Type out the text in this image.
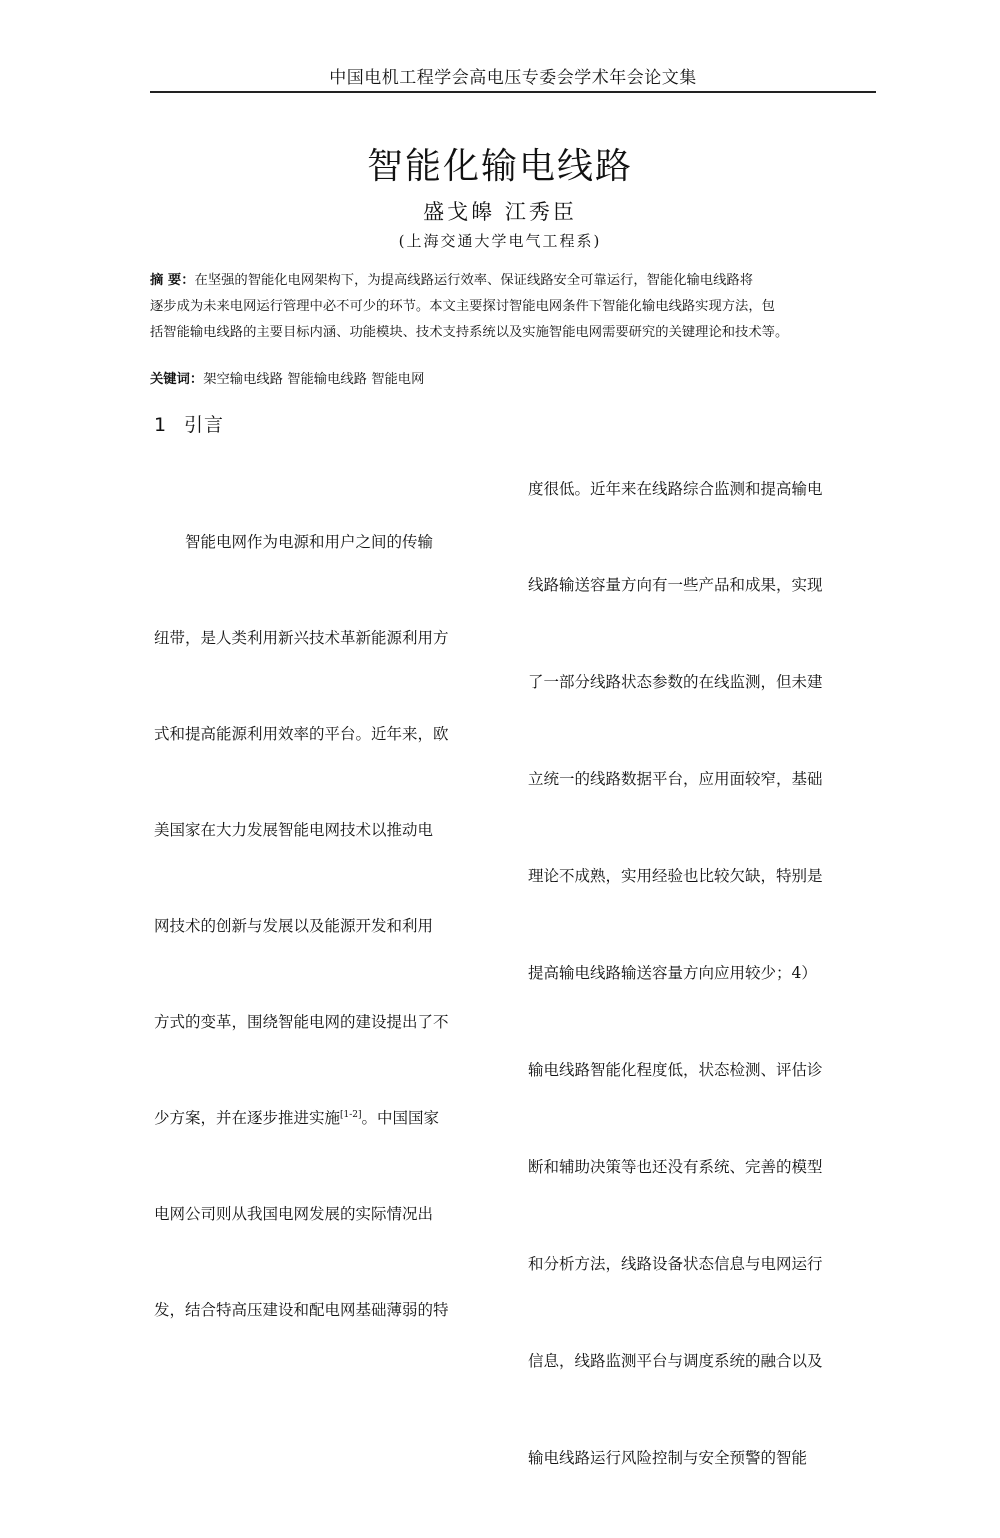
中国电机工程学会高电压专委会学术年会论文集
智能化输电线路
盛戈皞 江秀臣
(上海交通大学电气工程系)
摘 要：在坚强的智能化电网架构下，为提高线路运行效率、保证线路安全可靠运行，智能化输电线路将
逐步成为未来电网运行管理中必不可少的环节。本文主要探讨智能电网条件下智能化输电线路实现方法，包
括智能输电线路的主要目标内涵、功能模块、技术支持系统以及实施智能电网需要研究的关键理论和技术等。
关键词：架空输电线路 智能输电线路 智能电网
1 引言

　　智能电网作为电源和用户之间的传输

纽带，是人类利用新兴技术革新能源利用方

式和提高能源利用效率的平台。近年来，欧

美国家在大力发展智能电网技术以推动电

网技术的创新与发展以及能源开发和利用

方式的变革，围绕智能电网的建设提出了不

少方案，并在逐步推进实施[1-2]。中国国家

电网公司则从我国电网发展的实际情况出

发，结合特高压建设和配电网基础薄弱的特

度很低。近年来在线路综合监测和提高输电

线路输送容量方向有一些产品和成果，实现

了一部分线路状态参数的在线监测，但未建

立统一的线路数据平台，应用面较窄，基础

理论不成熟，实用经验也比较欠缺，特别是

提高输电线路输送容量方向应用较少；4）

输电线路智能化程度低，状态检测、评估诊

断和辅助决策等也还没有系统、完善的模型

和分析方法，线路设备状态信息与电网运行

信息，线路监测平台与调度系统的融合以及

输电线路运行风险控制与安全预警的智能
